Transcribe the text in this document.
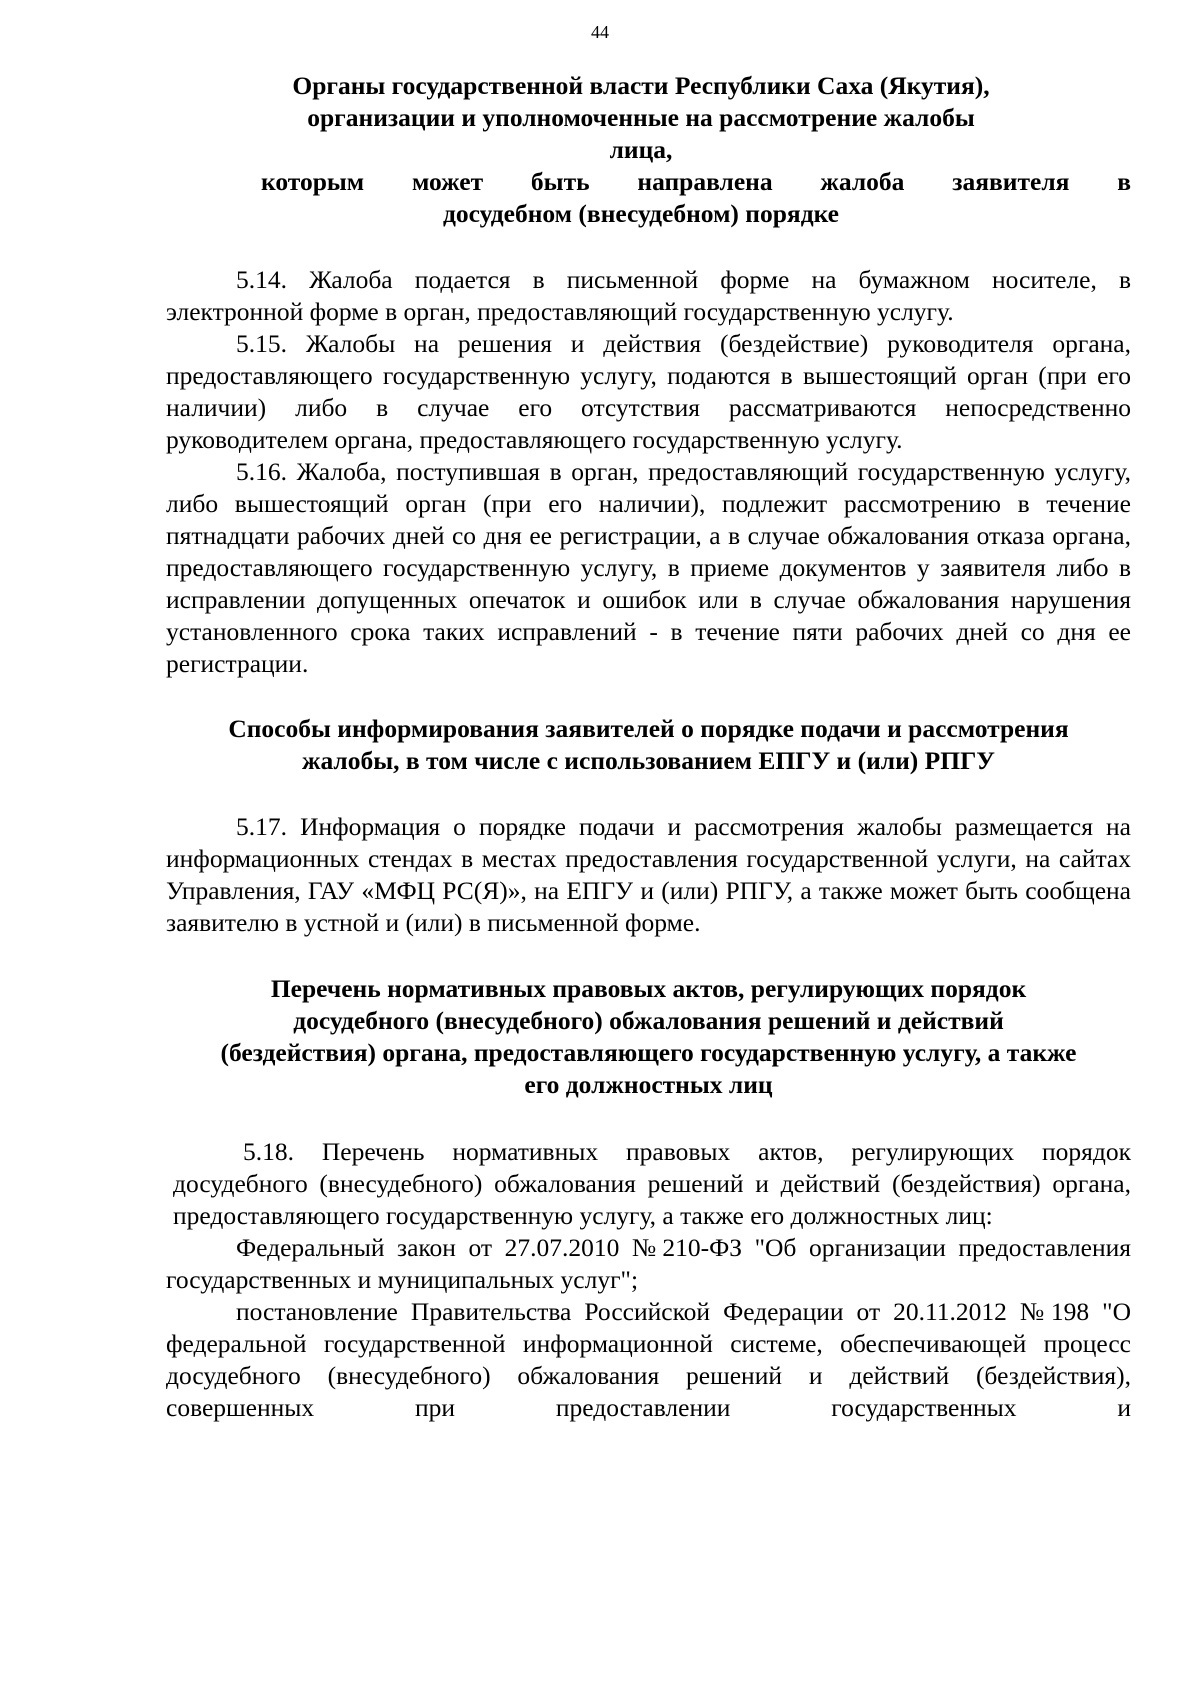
44
Органы государственной власти Республики Саха (Якутия),
организации и уполномоченные на рассмотрение жалобы лица,
которым может быть направлена жалоба заявителя в
досудебном (внесудебном) порядке

5.14. Жалоба подается в письменной форме на бумажном носителе, в электронной форме в орган, предоставляющий государственную услугу.

5.15. Жалобы на решения и действия (бездействие) руководителя органа, предоставляющего государственную услугу, подаются в вышестоящий орган (при его наличии) либо в случае его отсутствия рассматриваются непосредственно руководителем органа, предоставляющего государственную услугу.

5.16. Жалоба, поступившая в орган, предоставляющий государственную услугу, либо вышестоящий орган (при его наличии), подлежит рассмотрению в течение пятнадцати рабочих дней со дня ее регистрации, а в случае обжалования отказа органа, предоставляющего государственную услугу, в приеме документов у заявителя либо в исправлении допущенных опечаток и ошибок или в случае обжалования нарушения установленного срока таких исправлений - в течение пяти рабочих дней со дня ее регистрации.

Способы информирования заявителей о порядке подачи и рассмотрения
жалобы, в том числе с использованием ЕПГУ и (или) РПГУ

5.17. Информация о порядке подачи и рассмотрения жалобы размещается на информационных стендах в местах предоставления государственной услуги, на сайтах Управления, ГАУ «МФЦ РС(Я)», на ЕПГУ и (или) РПГУ, а также может быть сообщена заявителю в устной и (или) в письменной форме.

Перечень нормативных правовых актов, регулирующих порядок
досудебного (внесудебного) обжалования решений и действий
(бездействия) органа, предоставляющего государственную услугу, а также
его должностных лиц

5.18. Перечень нормативных правовых актов, регулирующих порядок досудебного (внесудебного) обжалования решений и действий (бездействия) органа, предоставляющего государственную услугу, а также его должностных лиц:

Федеральный закон от 27.07.2010 №210-ФЗ "Об организации предоставления государственных и муниципальных услуг";

постановление Правительства Российской Федерации от 20.11.2012 №198 "О федеральной государственной информационной системе, обеспечивающей процесс досудебного (внесудебного) обжалования решений и действий (бездействия), совершенных при предоставлении государственных и
